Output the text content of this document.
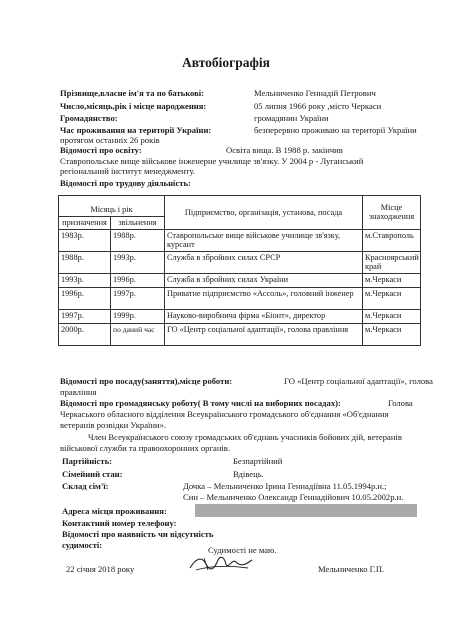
Автобіографія
Прізвище,власне ім'я та по батькові:	Мельниченко Геннадій Петрович
Число,місяць,рік і місце народження:	05 липня 1966 року ,місто Черкаси
Громадянство:	громадянин України
Час проживання на території України:	безперервно проживаю на території України
протягом останніх 26 років
Відомості про освіту:	Освіта вища. В 1988 р. закінчив
Ставропольське вище військове інженерне училище зв'язку. У 2004 р - Луганський
регіональний інститут менеджменту.
Відомості про трудову діяльність:
Місяць і рік		Підприємство, організація, установа, посада	Місце знаходження
призначення	звільнення		
1983р.	1988р.	Ставропольське вище військове училище зв'язку, курсант	м.Ставрополь
1988р.	1993р.	Служба в збройних силах СРСР	Красноярський край
1993р.	1996р.	Служба в збройних силах України	м.Черкаси
1996р.	1997р.	Приватне підприємство «Ассоль», головний інженер	м.Черкаси
1997р.	1999р.	Науково-виробнича фірма «Біонт», директор	м.Черкаси
2000р.	по даний час	ГО «Центр соціальної адаптації», голова правління	м.Черкаси
Відомості про посаду(заняття),місце роботи:	ГО «Центр соціальної адаптації», голова
правління
Відомості про громадянську роботу( В тому числі на виборних посадах):	Голова
Черкаського обласного відділення Всеукраїнського громадського об'єднання «Об'єднання
ветеранів розвідки України».
Член Всеукраїнського союзу громадських об'єднань учасників бойових дій, ветеранів
військової служби та правоохоронних органів.
Партійність:	Безпартійний
Сімейний стан:	Вдівець.
Склад сім'ї:	Дочка – Мельниченко Ірина Геннадіївна 11.05.1994р.н.;
Син – Мельниченко Олександр Геннадійович 10.05.2002р.н.
Адреса місця проживання:
Контактний номер телефону:
Відомості про наявність чи відсутність
судимості:	Судимості не маю.
22 січня 2018 року	Мельниченко Г.П.
